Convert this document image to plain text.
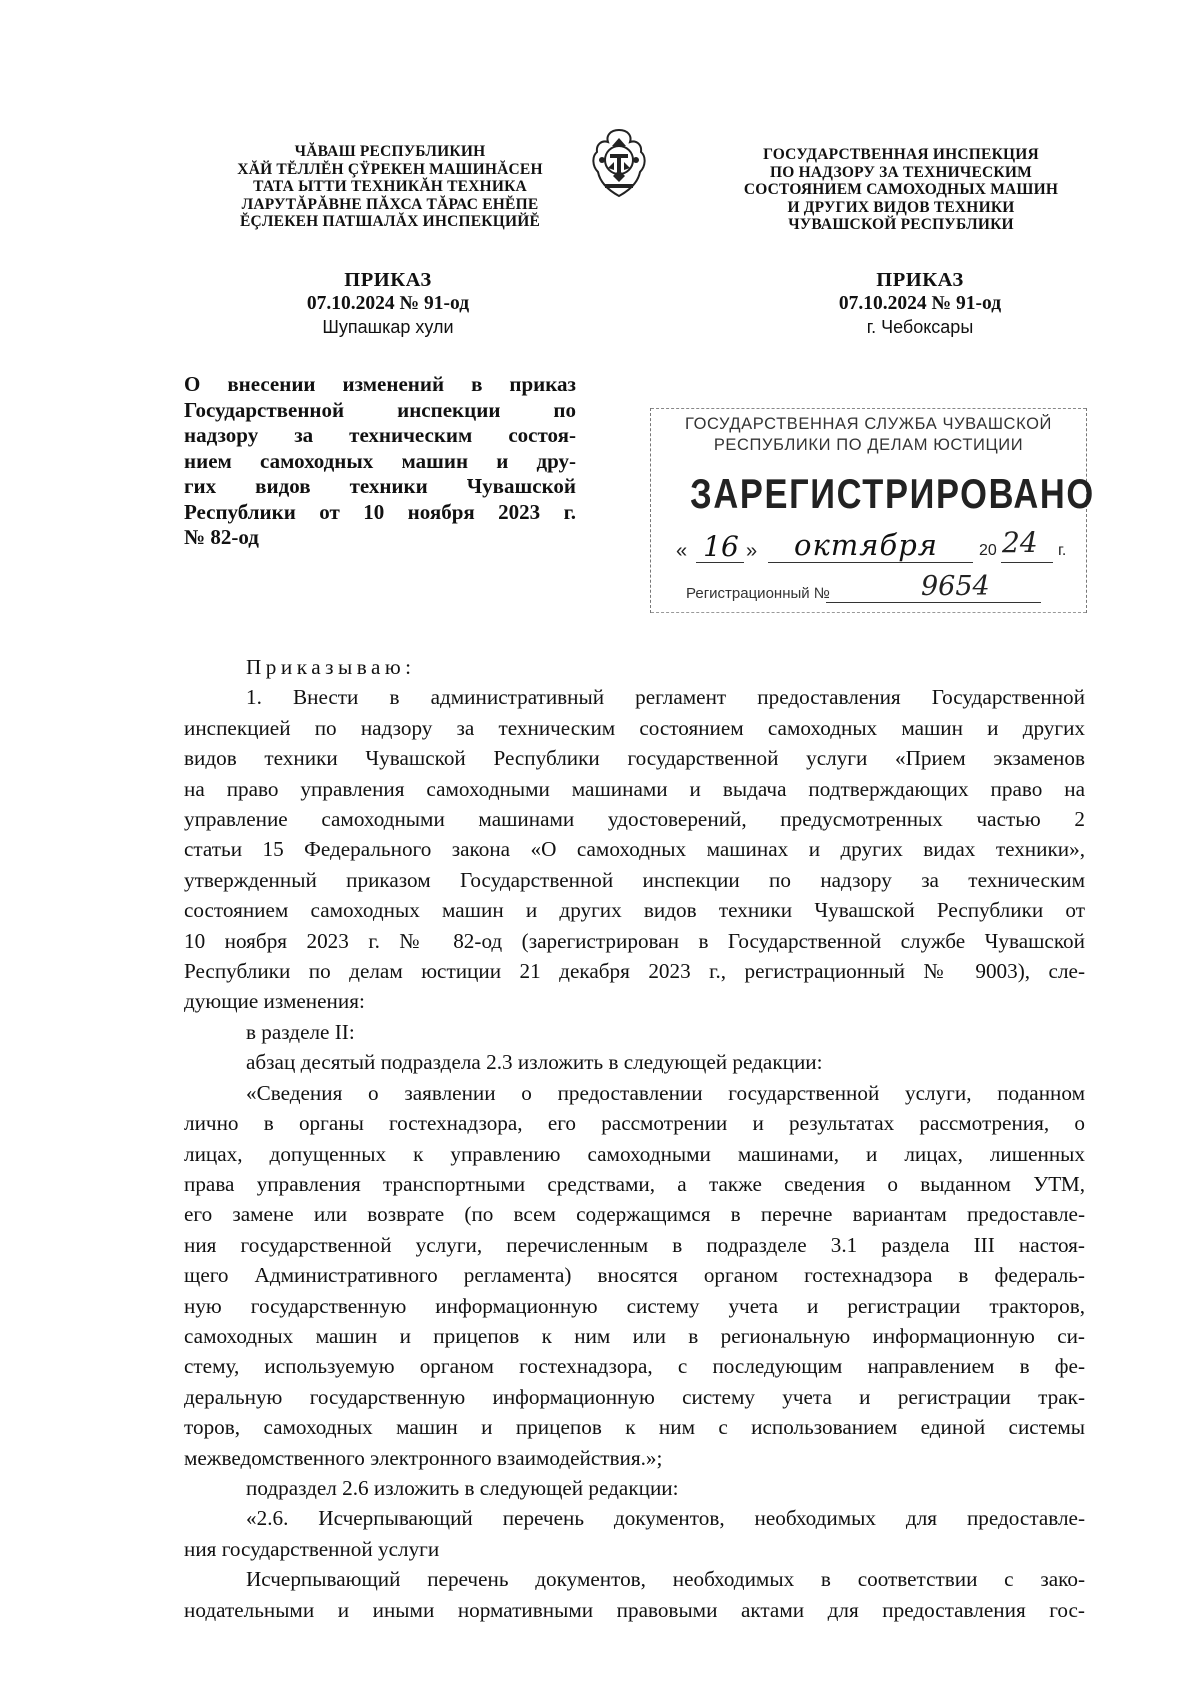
ЧĂВАШ РЕСПУБЛИКИН
ХĂЙ ТĔЛЛĔН ÇŸРЕКЕН МАШИНĂСЕН
ТАТА ЫТТИ ТЕХНИКĂН ТЕХНИКА
ЛАРУТĂРĂВНЕ ПĂХСА ТĂРАС ЕНĔПЕ
ĔÇЛЕКЕН ПАТШАЛĂХ ИНСПЕКЦИЙĔ
ГОСУДАРСТВЕННАЯ ИНСПЕКЦИЯ
ПО НАДЗОРУ ЗА ТЕХНИЧЕСКИМ
СОСТОЯНИЕМ САМОХОДНЫХ МАШИН
И ДРУГИХ ВИДОВ ТЕХНИКИ
ЧУВАШСКОЙ РЕСПУБЛИКИ
ПРИКАЗ
07.10.2024 № 91-од
Шупашкар хули
ПРИКАЗ
07.10.2024 № 91-од
г. Чебоксары
О внесении изменений в приказ
Государственной инспекции по
надзору за техническим состоя-
нием самоходных машин и дру-
гих видов техники Чувашской
Республики от 10 ноября 2023 г.
№ 82-од
ГОСУДАРСТВЕННАЯ СЛУЖБА ЧУВАШСКОЙ
РЕСПУБЛИКИ ПО ДЕЛАМ ЮСТИЦИИ
ЗАРЕГИСТРИРОВАНО
« 16 » октября	20 24 г.
Регистрационный №	9654

Приказываю:

1. Внести в административный регламент предоставления Государственной

инспекцией по надзору за техническим состоянием самоходных машин и других

видов техники Чувашской Республики государственной услуги «Прием экзаменов

на право управления самоходными машинами и выдача подтверждающих право на

управление самоходными машинами удостоверений, предусмотренных частью 2

статьи 15 Федерального закона «О самоходных машинах и других видах техники»,

утвержденный приказом Государственной инспекции по надзору за техническим

состоянием самоходных машин и других видов техники Чувашской Республики от

10 ноября 2023 г. № 82-од (зарегистрирован в Государственной службе Чувашской

Республики по делам юстиции 21 декабря 2023 г., регистрационный № 9003), сле-

дующие изменения:

в разделе II:

абзац десятый подраздела 2.3 изложить в следующей редакции:

«Сведения о заявлении о предоставлении государственной услуги, поданном

лично в органы гостехнадзора, его рассмотрении и результатах рассмотрения, о

лицах, допущенных к управлению самоходными машинами, и лицах, лишенных

права управления транспортными средствами, а также сведения о выданном УТМ,

его замене или возврате (по всем содержащимся в перечне вариантам предоставле-

ния государственной услуги, перечисленным в подразделе 3.1 раздела III настоя-

щего Административного регламента) вносятся органом гостехнадзора в федераль-

ную государственную информационную систему учета и регистрации тракторов,

самоходных машин и прицепов к ним или в региональную информационную си-

стему, используемую органом гостехнадзора, с последующим направлением в фе-

деральную государственную информационную систему учета и регистрации трак-

торов, самоходных машин и прицепов к ним с использованием единой системы

межведомственного электронного взаимодействия.»;

подраздел 2.6 изложить в следующей редакции:

«2.6. Исчерпывающий перечень документов, необходимых для предоставле-

ния государственной услуги

Исчерпывающий перечень документов, необходимых в соответствии с зако-

нодательными и иными нормативными правовыми актами для предоставления гос-
